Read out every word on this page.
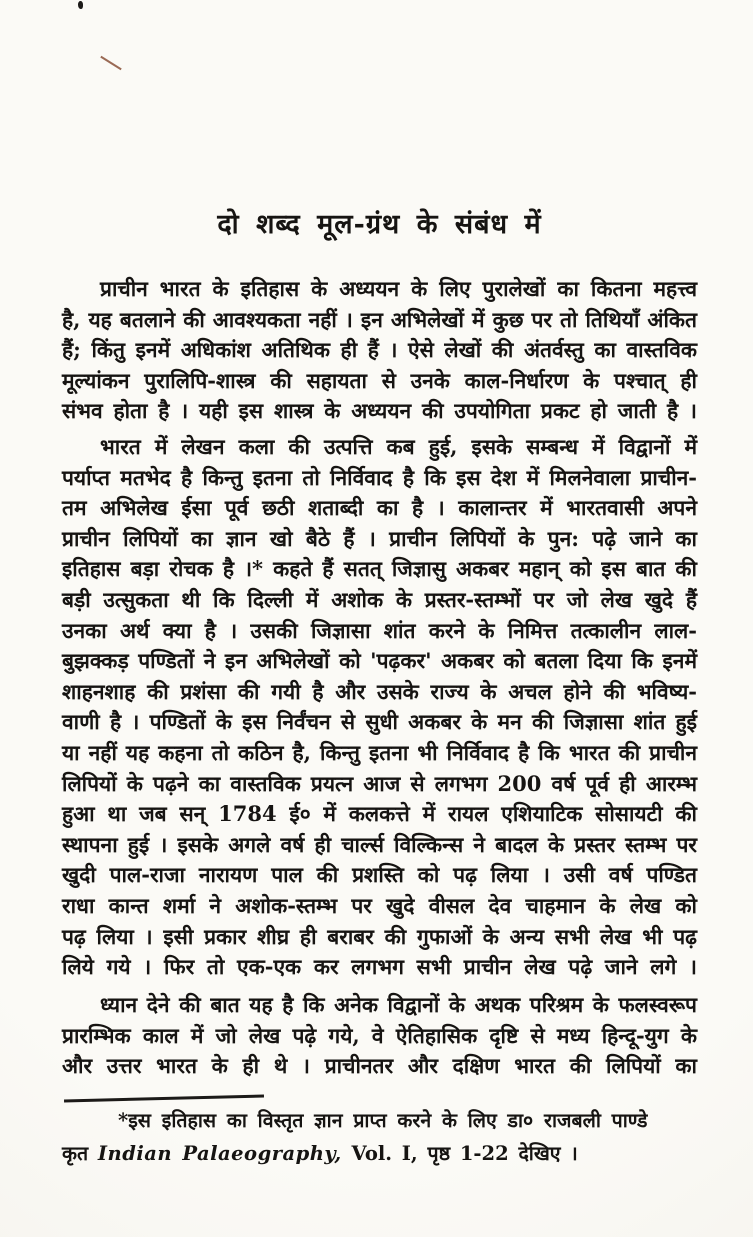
दो शब्द मूल-ग्रंथ के संबंध में
प्राचीन भारत के इतिहास के अध्ययन के लिए पुरालेखों का कितना महत्त्व
है, यह बतलाने की आवश्यकता नहीं । इन अभिलेखों में कुछ पर तो तिथियाँ अंकित
हैं; किंतु इनमें अधिकांश अतिथिक ही हैं । ऐसे लेखों की अंतर्वस्तु का वास्तविक
मूल्यांकन पुरालिपि-शास्त्र की सहायता से उनके काल-निर्धारण के पश्चात् ही
संभव होता है । यही इस शास्त्र के अध्ययन की उपयोगिता प्रकट हो जाती है ।
भारत में लेखन कला की उत्पत्ति कब हुई, इसके सम्बन्ध में विद्वानों में
पर्याप्त मतभेद है किन्तु इतना तो निर्विवाद है कि इस देश में मिलनेवाला प्राचीन-
तम अभिलेख ईसा पूर्व छठी शताब्दी का है । कालान्तर में भारतवासी अपने
प्राचीन लिपियों का ज्ञान खो बैठे हैं । प्राचीन लिपियों के पुन: पढ़े जाने का
इतिहास बड़ा रोचक है ।* कहते हैं सतत् जिज्ञासु अकबर महान् को इस बात की
बड़ी उत्सुकता थी कि दिल्ली में अशोक के प्रस्तर-स्तम्भों पर जो लेख खुदे हैं
उनका अर्थ क्या है । उसकी जिज्ञासा शांत करने के निमित्त तत्कालीन लाल-
बुझक्कड़ पण्डितों ने इन अभिलेखों को 'पढ़कर' अकबर को बतला दिया कि इनमें
शाहनशाह की प्रशंसा की गयी है और उसके राज्य के अचल होने की भविष्य-
वाणी है । पण्डितों के इस निर्वंचन से सुधी अकबर के मन की जिज्ञासा शांत हुई
या नहीं यह कहना तो कठिन है, किन्तु इतना भी निर्विवाद है कि भारत की प्राचीन
लिपियों के पढ़ने का वास्तविक प्रयत्न आज से लगभग 200 वर्ष पूर्व ही आरम्भ
हुआ था जब सन् 1784 ई० में कलकत्ते में रायल एशियाटिक सोसायटी की
स्थापना हुई । इसके अगले वर्ष ही चार्ल्स विल्किन्स ने बादल के प्रस्तर स्तम्भ पर
खुदी पाल-राजा नारायण पाल की प्रशस्ति को पढ़ लिया । उसी वर्ष पण्डित
राधा कान्त शर्मा ने अशोक-स्तम्भ पर खुदे वीसल देव चाहमान के लेख को
पढ़ लिया । इसी प्रकार शीघ्र ही बराबर की गुफाओं के अन्य सभी लेख भी पढ़
लिये गये । फिर तो एक-एक कर लगभग सभी प्राचीन लेख पढ़े जाने लगे ।
ध्यान देने की बात यह है कि अनेक विद्वानों के अथक परिश्रम के फलस्वरूप
प्रारम्भिक काल में जो लेख पढ़े गये, वे ऐतिहासिक दृष्टि से मध्य हिन्दू-युग के
और उत्तर भारत के ही थे । प्राचीनतर और दक्षिण भारत की लिपियों का
*इस इतिहास का विस्तृत ज्ञान प्राप्त करने के लिए डा० राजबली पाण्डे
कृत Indian Palaeography, Vol. I, पृष्ठ 1-22 देखिए ।
